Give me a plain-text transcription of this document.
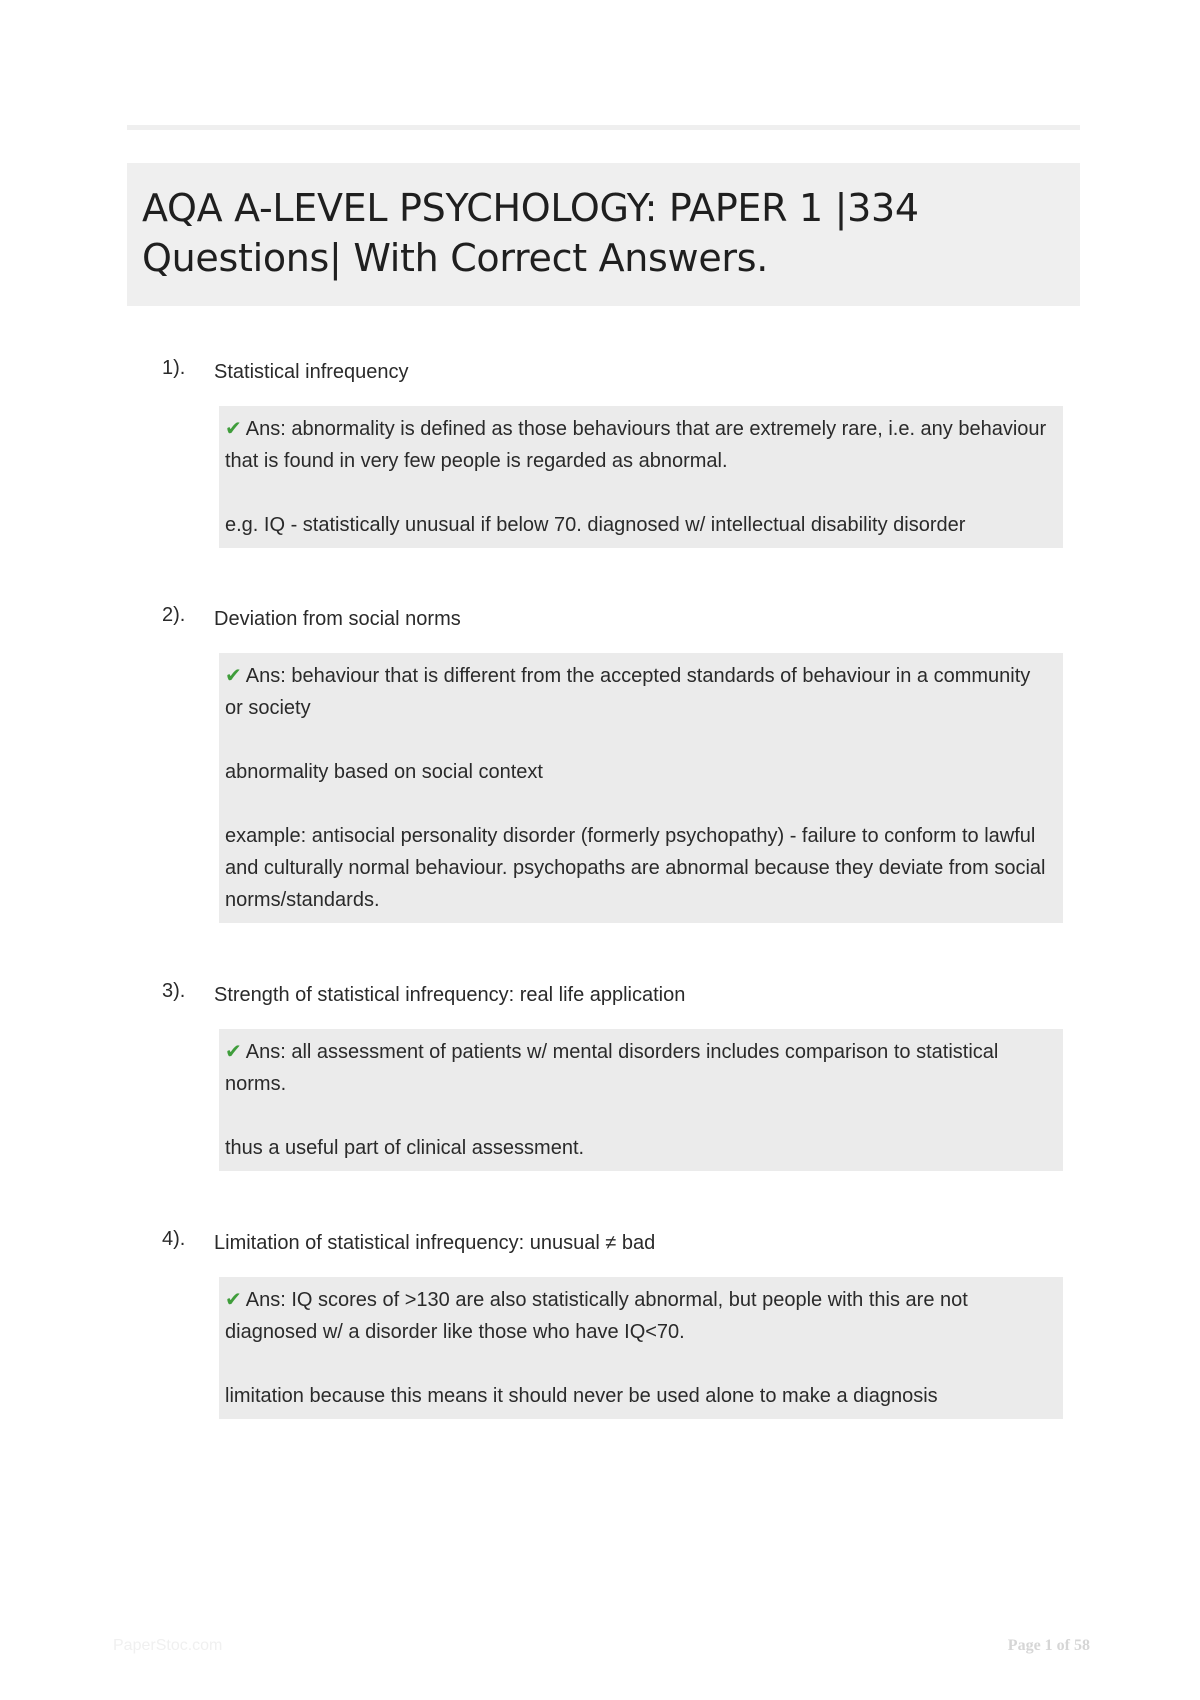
AQA A-LEVEL PSYCHOLOGY: PAPER 1 |334 Questions| With Correct Answers.
1). Statistical infrequency

✔ Ans: abnormality is defined as those behaviours that are extremely rare, i.e. any behaviour that is found in very few people is regarded as abnormal.

e.g. IQ - statistically unusual if below 70. diagnosed w/ intellectual disability disorder

2). Deviation from social norms

✔ Ans: behaviour that is different from the accepted standards of behaviour in a community or society

abnormality based on social context

example: antisocial personality disorder (formerly psychopathy) - failure to conform to lawful and culturally normal behaviour. psychopaths are abnormal because they deviate from social norms/standards.

3). Strength of statistical infrequency: real life application

✔ Ans: all assessment of patients w/ mental disorders includes comparison to statistical norms.

thus a useful part of clinical assessment.

4). Limitation of statistical infrequency: unusual ≠ bad

✔ Ans: IQ scores of >130 are also statistically abnormal, but people with this are not diagnosed w/ a disorder like those who have IQ<70.

limitation because this means it should never be used alone to make a diagnosis

PaperStoc.com	Page 1 of 58
